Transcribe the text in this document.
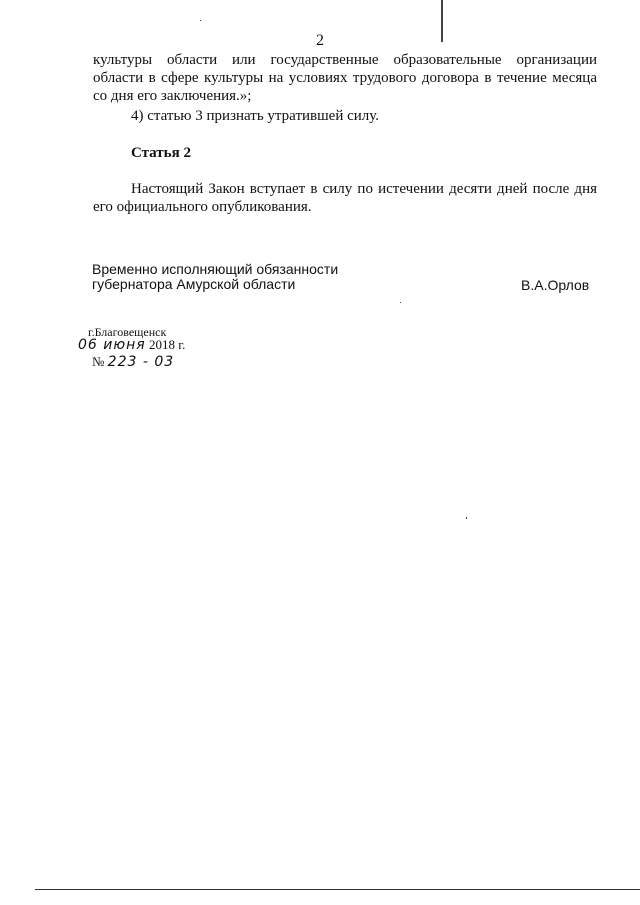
2
культуры области или государственные образовательные организации
области в сфере культуры на условиях трудового договора в течение месяца
со дня его заключения.»;
4) статью 3 признать утратившей силу.
Статья 2
Настоящий Закон вступает в силу по истечении десяти дней после дня
его официального опубликования.
Временно исполняющий обязанности
губернатора Амурской области	В.А.Орлов
г.Благовещенск
06 июня 2018 г.
№ 223 - 03
